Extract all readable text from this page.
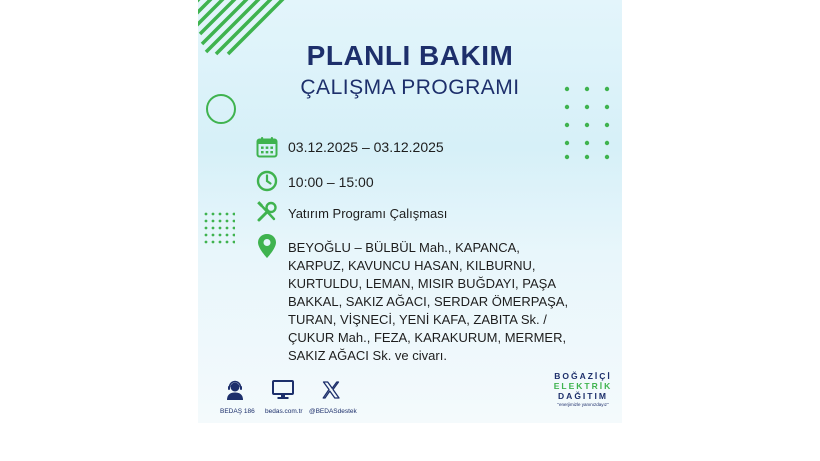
PLANLI BAKIM
ÇALIŞMA PROGRAMI
03.12.2025 – 03.12.2025
10:00 – 15:00
Yatırım Programı Çalışması
BEYOĞLU – BÜLBÜL Mah., KAPANCA,
KARPUZ, KAVUNCU HASAN, KILBURNU,
KURTULDU, LEMAN, MISIR BUĞDAYI, PAŞA
BAKKAL, SAKIZ AĞACI, SERDAR ÖMERPAŞA,
TURAN, VİŞNECİ, YENİ KAFA, ZABITA Sk. /
ÇUKUR Mah., FEZA, KARAKURUM, MERMER,
SAKIZ AĞACI Sk. ve civarı.
BEDAŞ 186 bedas.com.tr @BEDASdestek
BOĞAZİÇİ
ELEKTRİK
DAĞITIM
"enerjimizle yanınızdayız"
